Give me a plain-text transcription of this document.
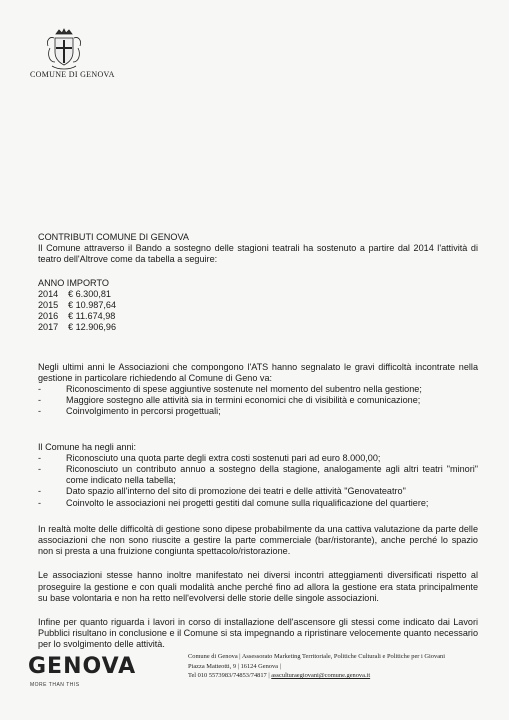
COMUNE DI GENOVA

CONTRIBUTI COMUNE DI GENOVA

Il Comune attraverso il Bando a sostegno delle stagioni teatrali ha sostenuto a partire dal 2014 l'attività di teatro dell'Altrove come da tabella a seguire:

ANNO IMPORTO
2014	€ 6.300,81
2015	€ 10.987,64
2016	€ 11.674,98
2017	€ 12.906,96

Negli ultimi anni le Associazioni che compongono l'ATS hanno segnalato le gravi difficoltà incontrate nella gestione in particolare richiedendo al Comune di Geno va:

-	Riconoscimento di spese aggiuntive sostenute nel momento del subentro nella gestione;
-	Maggiore sostegno alle attività sia in termini economici che di visibilità e comunicazione;
-	Coinvolgimento in percorsi progettuali;

Il Comune ha negli anni:

-	Riconosciuto una quota parte degli extra costi sostenuti pari ad euro 8.000,00;
-	Riconosciuto un contributo annuo a sostegno della stagione, analogamente agli altri teatri "minori" come indicato nella tabella;
-	Dato spazio all'interno del sito di promozione dei teatri e delle attività "Genovateatro"
-	Coinvolto le associazioni nei progetti gestiti dal comune sulla riqualificazione del quartiere;

In realtà molte delle difficoltà di gestione sono dipese probabilmente da una cattiva valutazione da parte delle associazioni che non sono riuscite a gestire la parte commerciale (bar/ristorante), anche perché lo spazio non si presta a una fruizione congiunta spettacolo/ristorazione.

Le associazioni stesse hanno inoltre manifestato nei diversi incontri atteggiamenti diversificati rispetto al proseguire la gestione e con quali modalità anche perché fino ad allora la gestione era stata principalmente su base volontaria e non ha retto nell'evolversi delle storie delle singole associazioni.

Infine per quanto riguarda i lavori in corso di installazione dell'ascensore gli stessi come indicato dai Lavori Pubblici risultano in conclusione e il Comune si sta impegnando a ripristinare velocemente quanto necessario per lo svolgimento delle attività.

GENOVA
MORE THAN THIS
Comune di Genova | Assessorato Marketing Territoriale, Politiche Culturali e Politiche per i Giovani
Piazza Matteotti, 9 | 16124 Genova |
Tel 010 5573983/74853/74817 | assculturaegiovani@comune.genova.it
